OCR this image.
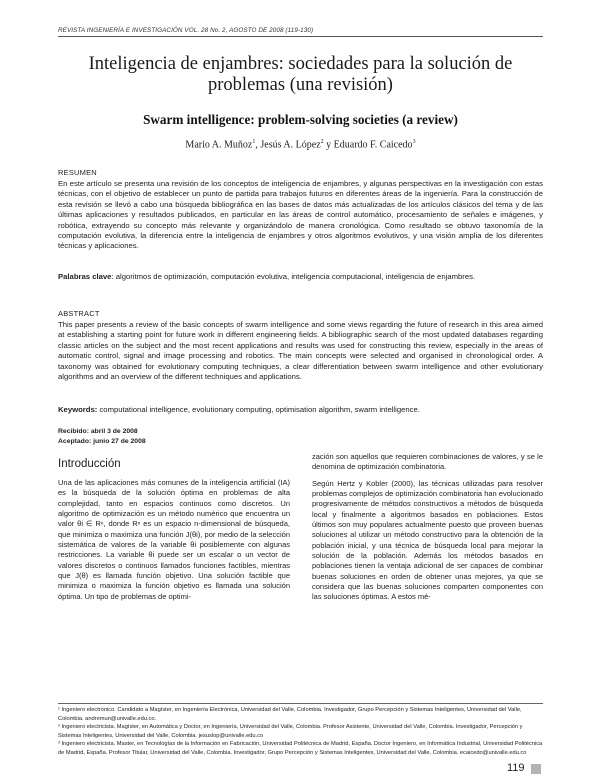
REVISTA INGENIERÍA E INVESTIGACIÓN VOL. 28 No. 2, AGOSTO DE 2008 (119-130)
Inteligencia de enjambres: sociedades para la solución de
problemas (una revisión)
Swarm intelligence: problem-solving societies (a review)
Mario A. Muñoz$^1$, Jesús A. López$^2$ y Eduardo F. Caicedo$^3$
RESUMEN
En este artículo se presenta una revisión de los conceptos de inteligencia de enjambres, y algunas perspectivas en la investigación con estas técnicas, con el objetivo de establecer un punto de partida para trabajos futuros en diferentes áreas de la ingeniería. Para la construcción de esta revisión se llevó a cabo una búsqueda bibliográfica en las bases de datos más actualizadas de los artículos clásicos del tema y de las últimas aplicaciones y resultados publicados, en particular en las áreas de control automático, procesamiento de señales e imágenes, y robótica, extrayendo su concepto más relevante y organizándolo de manera cronológica. Como resultado se obtuvo taxonomía de la computación evolutiva, la diferencia entre la inteligencia de enjambres y otros algoritmos evolutivos, y una visión amplia de los diferentes técnicas y aplicaciones.
Palabras clave: algoritmos de optimización, computación evolutiva, inteligencia computacional, inteligencia de enjambres.
ABSTRACT
This paper presents a review of the basic concepts of swarm intelligence and some views regarding the future of research in this area aimed at establishing a starting point for future work in different engineering fields. A bibliographic search of the most updated databases regarding classic articles on the subject and the most recent applications and results was used for constructing this review, especially in the areas of automatic control, signal and image processing and robotics. The main concepts were selected and organised in chronological order. A taxonomy was obtained for evolutionary computing techniques, a clear differentiation between swarm intelligence and other evolutionary algorithms and an overview of the different techniques and applications.
Keywords: computational intelligence, evolutionary computing, optimisation algorithm, swarm intelligence.
Recibido: abril 3 de 2008
Aceptado: junio 27 de 2008
Introducción

Una de las aplicaciones más comunes de la inteligencia artificial (IA) es la búsqueda de la solución óptima en problemas de alta complejidad, tanto en espacios continuos como discretos. Un algoritmo de optimización es un método numérico que encuentra un valor θi ∈ Rⁿ, donde Rⁿ es un espacio n-dimensional de búsqueda, que minimiza o maximiza una función J(θi), por medio de la selección sistemática de valores de la variable θi posiblemente con algunas restricciones. La variable θi puede ser un escalar o un vector de valores discretos o continuos llamados funciones factibles, mientras que J(θ) es llamada función objetivo. Una solución factible que minimiza o maximiza la función objetivo es llamada una solución óptima. Un tipo de problemas de optimi-

zación son aquellos que requieren combinaciones de valores, y se le denomina de optimización combinatoria.

Según Hertz y Kobler (2000), las técnicas utilizadas para resolver problemas complejos de optimización combinatoria han evolucionado progresivamente de métodos constructivos a métodos de búsqueda local y finalmente a algoritmos basados en poblaciones. Estos últimos son muy populares actualmente puesto que proveen buenas soluciones al utilizar un método constructivo para la obtención de la población inicial, y una técnica de búsqueda local para mejorar la solución de la población. Además los métodos basados en poblaciones tienen la ventaja adicional de ser capaces de combinar buenas soluciones en orden de obtener unas mejores, ya que se considera que las buenas soluciones comparten componentes con las soluciones óptimas. A estos mé-

¹ Ingeniero electrónico. Candidato a Magíster, en Ingeniería Electrónica, Universidad del Valle, Colombia. Investigador, Grupo Percepción y Sistemas Inteligentes, Universidad del Valle, Colombia. andremun@univalle.edu.co.
² Ingeniero electricista. Magíster, en Automática y Doctor, en Ingeniería, Universidad del Valle, Colombia. Profesor Asistente, Universidad del Valle, Colombia. Investigador, Percepción y Sistemas Inteligentes, Universidad del Valle, Colombia. jesuslop@univalle.edu.co
³ Ingeniero electricista. Master, en Tecnologías de la Información en Fabricación, Universidad Politécnica de Madrid, España. Doctor Ingeniero, en Informática Industrial, Universidad Politécnica de Madrid, España. Profesor Titular, Universidad del Valle, Colombia. Investigador, Grupo Percepción y Sistemas Inteligentes, Universidad del Valle, Colombia. ecaicedo@univalle.edu.co
119
